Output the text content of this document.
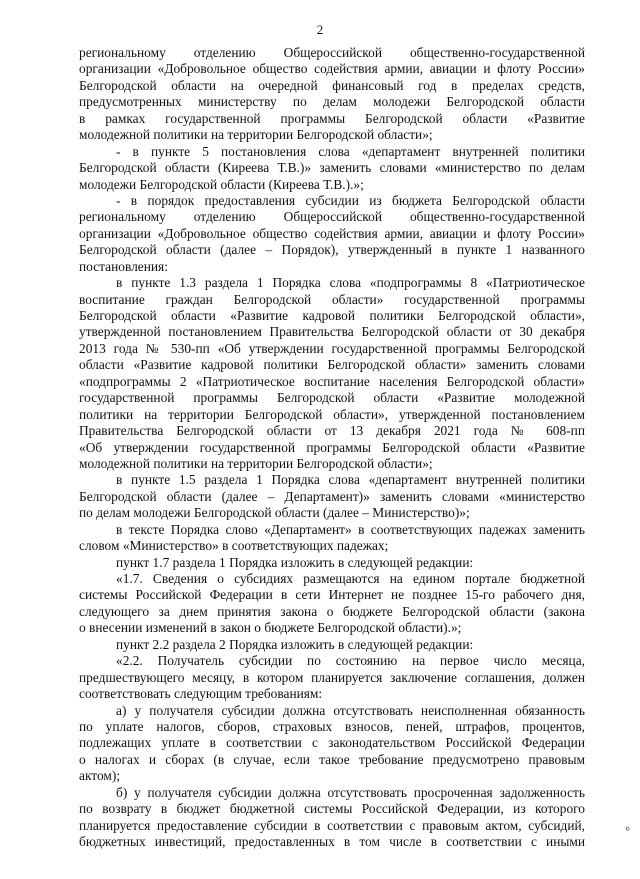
2
региональному отделению Общероссийской общественно-государственной
организации «Добровольное общество содействия армии, авиации и флоту России»
Белгородской области на очередной финансовый год в пределах средств,
предусмотренных министерству по делам молодежи Белгородской области
в рамках государственной программы Белгородской области «Развитие
молодежной политики на территории Белгородской области»;
- в пункте 5 постановления слова «департамент внутренней политики
Белгородской области (Киреева Т.В.)» заменить словами «министерство по делам
молодежи Белгородской области (Киреева Т.В.).»;
- в порядок предоставления субсидии из бюджета Белгородской области
региональному отделению Общероссийской общественно-государственной
организации «Добровольное общество содействия армии, авиации и флоту России»
Белгородской области (далее – Порядок), утвержденный в пункте 1 названного
постановления:
в пункте 1.3 раздела 1 Порядка слова «подпрограммы 8 «Патриотическое
воспитание граждан Белгородской области» государственной программы
Белгородской области «Развитие кадровой политики Белгородской области»,
утвержденной постановлением Правительства Белгородской области от 30 декабря
2013 года № 530-пп «Об утверждении государственной программы Белгородской
области «Развитие кадровой политики Белгородской области» заменить словами
«подпрограммы 2 «Патриотическое воспитание населения Белгородской области»
государственной программы Белгородской области «Развитие молодежной
политики на территории Белгородской области», утвержденной постановлением
Правительства Белгородской области от 13 декабря 2021 года № 608-пп
«Об утверждении государственной программы Белгородской области «Развитие
молодежной политики на территории Белгородской области»;
в пункте 1.5 раздела 1 Порядка слова «департамент внутренней политики
Белгородской области (далее – Департамент)» заменить словами «министерство
по делам молодежи Белгородской области (далее – Министерство)»;
в тексте Порядка слово «Департамент» в соответствующих падежах заменить
словом «Министерство» в соответствующих падежах;
пункт 1.7 раздела 1 Порядка изложить в следующей редакции:
«1.7. Сведения о субсидиях размещаются на едином портале бюджетной
системы Российской Федерации в сети Интернет не позднее 15-го рабочего дня,
следующего за днем принятия закона о бюджете Белгородской области (закона
о внесении изменений в закон о бюджете Белгородской области).»;
пункт 2.2 раздела 2 Порядка изложить в следующей редакции:
«2.2. Получатель субсидии по состоянию на первое число месяца,
предшествующего месяцу, в котором планируется заключение соглашения, должен
соответствовать следующим требованиям:
а) у получателя субсидии должна отсутствовать неисполненная обязанность
по уплате налогов, сборов, страховых взносов, пеней, штрафов, процентов,
подлежащих уплате в соответствии с законодательством Российской Федерации
о налогах и сборах (в случае, если такое требование предусмотрено правовым
актом);
б) у получателя субсидии должна отсутствовать просроченная задолженность
по возврату в бюджет бюджетной системы Российской Федерации, из которого
планируется предоставление субсидии в соответствии с правовым актом, субсидий,
бюджетных инвестиций, предоставленных в том числе в соответствии с иными
°
